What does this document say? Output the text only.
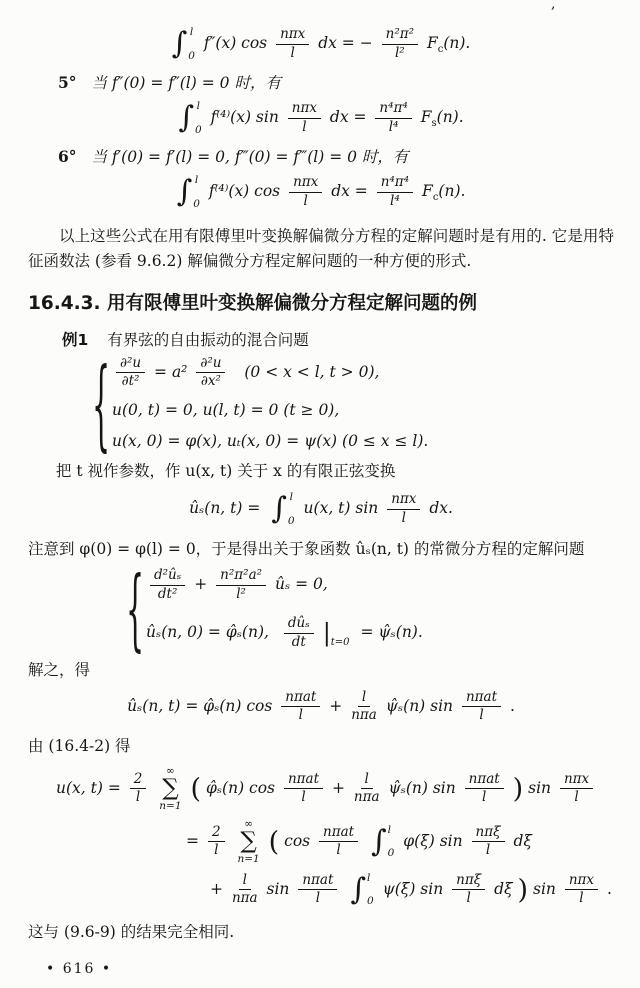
,
∫ l
0
f″(x) $\cos \frac{\text{nπx}}{l}$ dx = − $\frac{\text{n²π²}}{\text{l²}} F_c(n)$.
5° 当 f″(0) = f″(l) = 0 时，有
∫ l
0
f⁽⁴⁾(x) $\sin \frac{\text{nπx}}{l}$ dx = $\frac{\text{n⁴π⁴}}{\text{l⁴}} F_s(n)$.
6° 当 f′(0) = f′(l) = 0, f‴(0) = f‴(l) = 0 时，有
∫ l
0
f⁽⁴⁾(x) $\cos \frac{\text{nπx}}{l}$ dx = $\frac{\text{n⁴π⁴}}{\text{l⁴}} F_c(n)$.

以上这些公式在用有限傅里叶变换解偏微分方程的定解问题时是有用的. 它是用特征函数法 (参看 9.6.2) 解偏微分方程定解问题的一种方便的形式.

16.4.3. 用有限傅里叶变换解偏微分方程定解问题的例
例1 有界弦的自由振动的混合问题
{ $\frac{\text{∂²u}}{\text{∂t²}} = a^2 \frac{\text{∂²u}}{\text{∂x²}} (0 < x < l$, t > 0),
u(0, t) = 0, u(l, t) = 0 (t ≥ 0),
u(x, 0) = φ(x), uₜ(x, 0) = ψ(x) (0 ≤ x ≤ l).

把 t 视作参数，作 u(x, t) 关于 x 的有限正弦变换

ûₛ(n, t) = ∫ l
0
u(x, t) $\sin \frac{\text{nπx}}{l}$ dx.

注意到 φ(0) = φ(l) = 0，于是得出关于象函数 ûₛ(n, t) 的常微分方程的定解问题

{ $\frac{\text{d²ûₛ}}{\text{dt²}} + \frac{\text{n²π²a²}}{\text{l²}}$ ûₛ = 0,
ûₛ(n, 0) = φ̂ₛ(n), $\frac{\text{dûₛ}}{dt} |_{t=0}$ = ψ̂ₛ(n).

解之，得

ûₛ(n, t) = φ̂ₛ(n) $\cos \frac{\text{nπat}}{l} + \frac{l}{\text{nπa}}$ ψ̂ₛ(n) $\sin \frac{\text{nπat}}{l}$ .

由 (16.4-2) 得

u(x, $t) = \frac{2}{l}$

∞
∑
n=1
( φ̂ₛ(n) $\cos \frac{\text{nπat}}{l} + \frac{l}{\text{nπa}}$ ψ̂ₛ(n) $\sin \frac{\text{nπat}}{l}$ ) $\sin \frac{\text{nπx}}{l}$
= $\frac{2}{l}$

∞
∑
n=1
( $\cos \frac{\text{nπat}}{l}$
∫ l
0
φ(ξ) $\sin \frac{\text{nπξ}}{l}$ dξ
+ $\frac{l}{\text{nπa}}$ $\sin \frac{\text{nπat}}{l}$
∫ l
0
ψ(ξ) $\sin \frac{\text{nπξ}}{l}$ dξ ) $\sin \frac{\text{nπx}}{l}$ .

这与 (9.6-9) 的结果完全相同.

• 616 •
